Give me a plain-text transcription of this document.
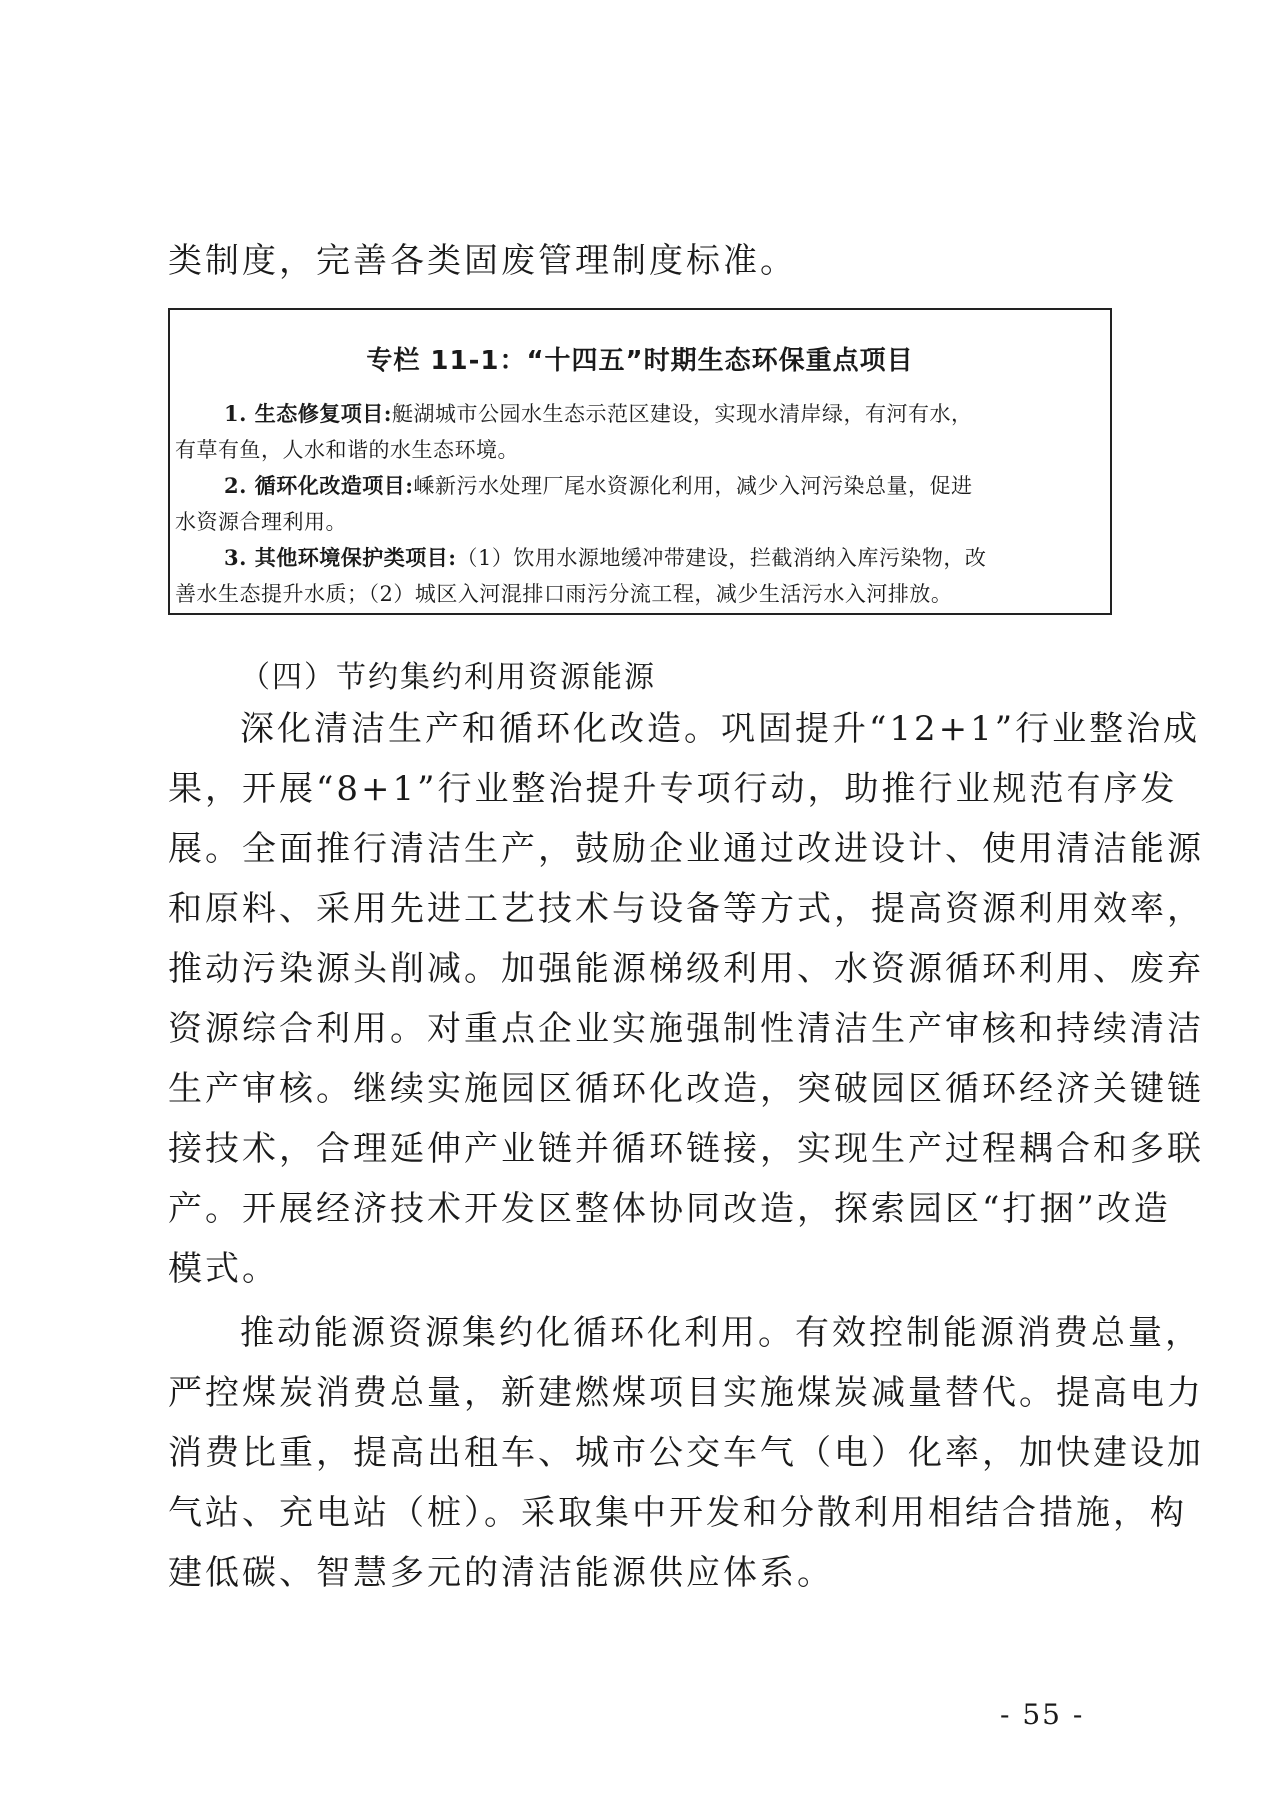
类制度，完善各类固废管理制度标准。
专栏 11-1：“十四五”时期生态环保重点项目
1. 生态修复项目:艇湖城市公园水生态示范区建设，实现水清岸绿，有河有水，
有草有鱼，人水和谐的水生态环境。
2. 循环化改造项目:嵊新污水处理厂尾水资源化利用，减少入河污染总量，促进
水资源合理利用。
3. 其他环境保护类项目:（1）饮用水源地缓冲带建设，拦截消纳入库污染物，改
善水生态提升水质；（2）城区入河混排口雨污分流工程，减少生活污水入河排放。
（四）节约集约利用资源能源
深化清洁生产和循环化改造。巩固提升“12+1”行业整治成
果，开展“8+1”行业整治提升专项行动，助推行业规范有序发
展。全面推行清洁生产，鼓励企业通过改进设计、使用清洁能源
和原料、采用先进工艺技术与设备等方式，提高资源利用效率，
推动污染源头削减。加强能源梯级利用、水资源循环利用、废弃
资源综合利用。对重点企业实施强制性清洁生产审核和持续清洁
生产审核。继续实施园区循环化改造，突破园区循环经济关键链
接技术，合理延伸产业链并循环链接，实现生产过程耦合和多联
产。开展经济技术开发区整体协同改造，探索园区“打捆”改造
模式。
推动能源资源集约化循环化利用。有效控制能源消费总量，
严控煤炭消费总量，新建燃煤项目实施煤炭减量替代。提高电力
消费比重，提高出租车、城市公交车气（电）化率，加快建设加
气站、充电站（桩）。采取集中开发和分散利用相结合措施，构
建低碳、智慧多元的清洁能源供应体系。
- 55 -
